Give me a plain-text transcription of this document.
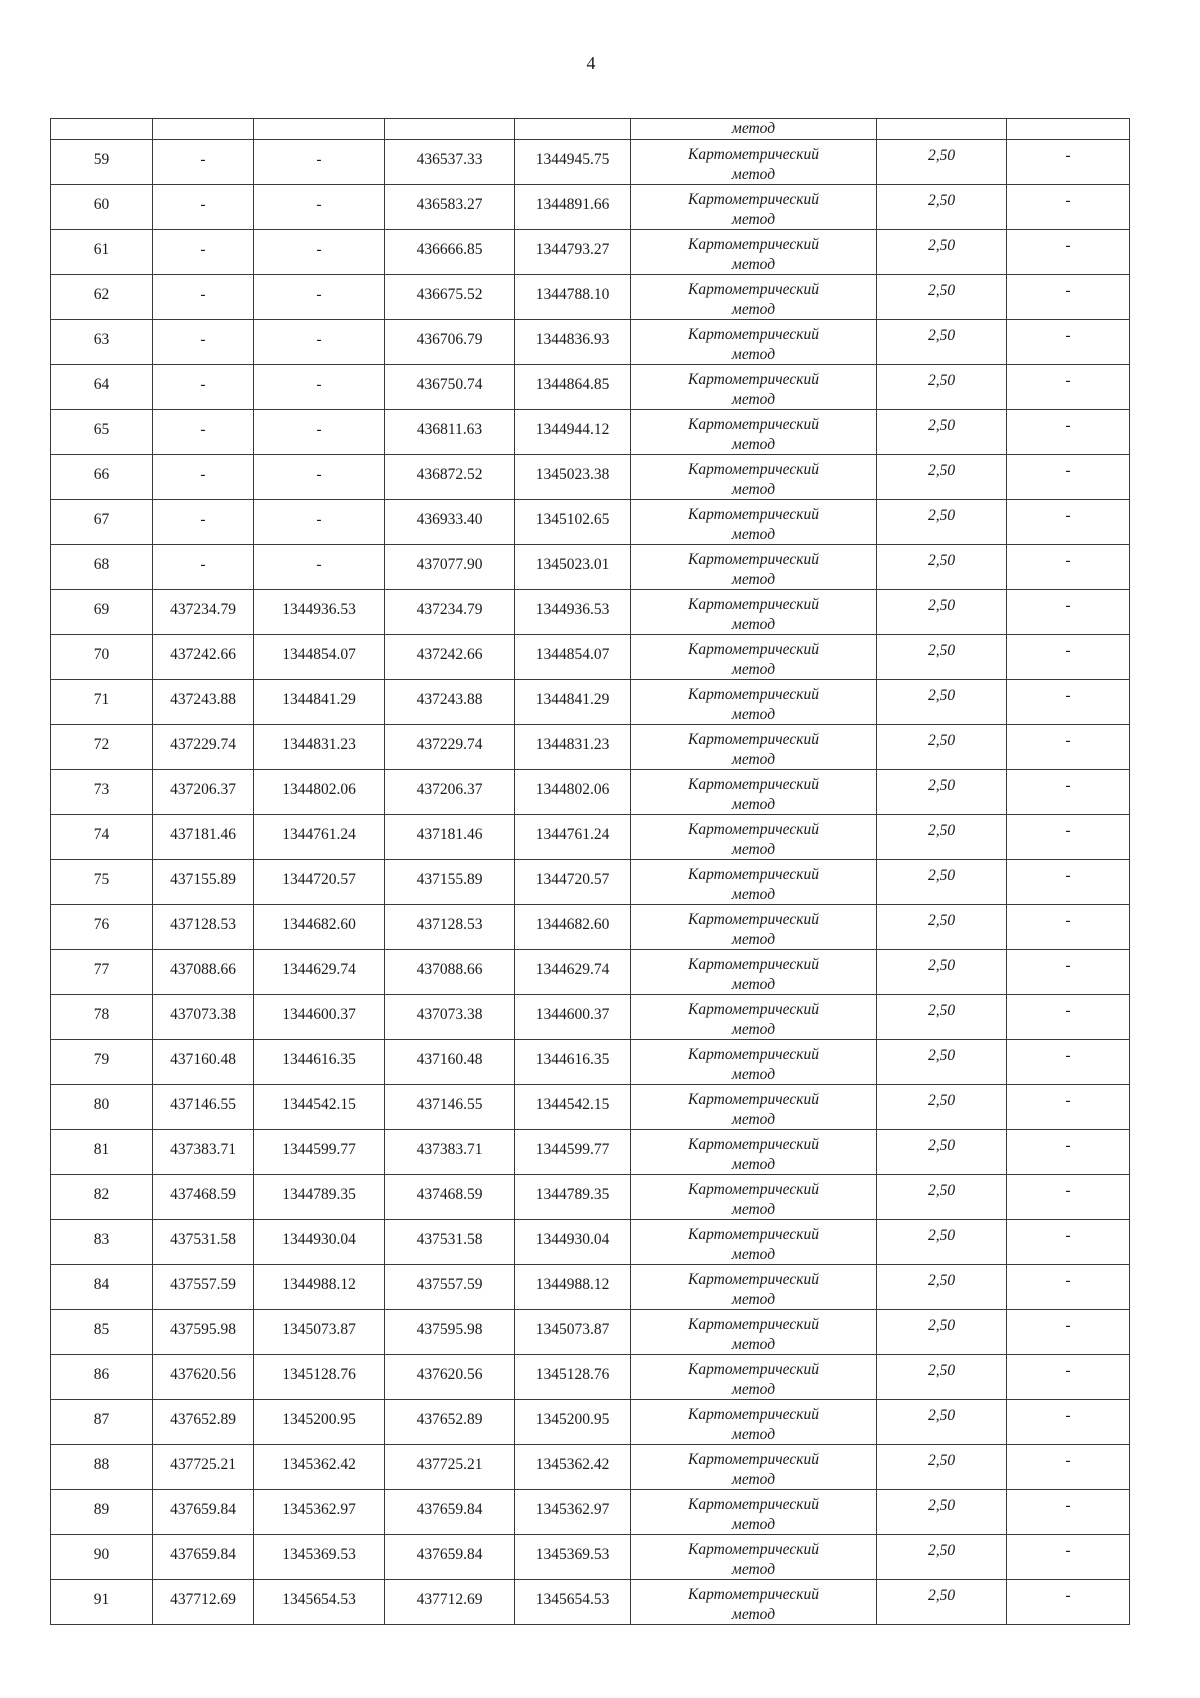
4

					метод		

59	-	-	436537.33	1344945.75	Картометрический
метод	2,50	-

60	-	-	436583.27	1344891.66	Картометрический
метод	2,50	-

61	-	-	436666.85	1344793.27	Картометрический
метод	2,50	-

62	-	-	436675.52	1344788.10	Картометрический
метод	2,50	-

63	-	-	436706.79	1344836.93	Картометрический
метод	2,50	-

64	-	-	436750.74	1344864.85	Картометрический
метод	2,50	-

65	-	-	436811.63	1344944.12	Картометрический
метод	2,50	-

66	-	-	436872.52	1345023.38	Картометрический
метод	2,50	-

67	-	-	436933.40	1345102.65	Картометрический
метод	2,50	-

68	-	-	437077.90	1345023.01	Картометрический
метод	2,50	-

69	437234.79	1344936.53	437234.79	1344936.53	Картометрический
метод	2,50	-

70	437242.66	1344854.07	437242.66	1344854.07	Картометрический
метод	2,50	-

71	437243.88	1344841.29	437243.88	1344841.29	Картометрический
метод	2,50	-

72	437229.74	1344831.23	437229.74	1344831.23	Картометрический
метод	2,50	-

73	437206.37	1344802.06	437206.37	1344802.06	Картометрический
метод	2,50	-

74	437181.46	1344761.24	437181.46	1344761.24	Картометрический
метод	2,50	-

75	437155.89	1344720.57	437155.89	1344720.57	Картометрический
метод	2,50	-

76	437128.53	1344682.60	437128.53	1344682.60	Картометрический
метод	2,50	-

77	437088.66	1344629.74	437088.66	1344629.74	Картометрический
метод	2,50	-

78	437073.38	1344600.37	437073.38	1344600.37	Картометрический
метод	2,50	-

79	437160.48	1344616.35	437160.48	1344616.35	Картометрический
метод	2,50	-

80	437146.55	1344542.15	437146.55	1344542.15	Картометрический
метод	2,50	-

81	437383.71	1344599.77	437383.71	1344599.77	Картометрический
метод	2,50	-

82	437468.59	1344789.35	437468.59	1344789.35	Картометрический
метод	2,50	-

83	437531.58	1344930.04	437531.58	1344930.04	Картометрический
метод	2,50	-

84	437557.59	1344988.12	437557.59	1344988.12	Картометрический
метод	2,50	-

85	437595.98	1345073.87	437595.98	1345073.87	Картометрический
метод	2,50	-

86	437620.56	1345128.76	437620.56	1345128.76	Картометрический
метод	2,50	-

87	437652.89	1345200.95	437652.89	1345200.95	Картометрический
метод	2,50	-

88	437725.21	1345362.42	437725.21	1345362.42	Картометрический
метод	2,50	-

89	437659.84	1345362.97	437659.84	1345362.97	Картометрический
метод	2,50	-

90	437659.84	1345369.53	437659.84	1345369.53	Картометрический
метод	2,50	-

91	437712.69	1345654.53	437712.69	1345654.53	Картометрический
метод	2,50	-
